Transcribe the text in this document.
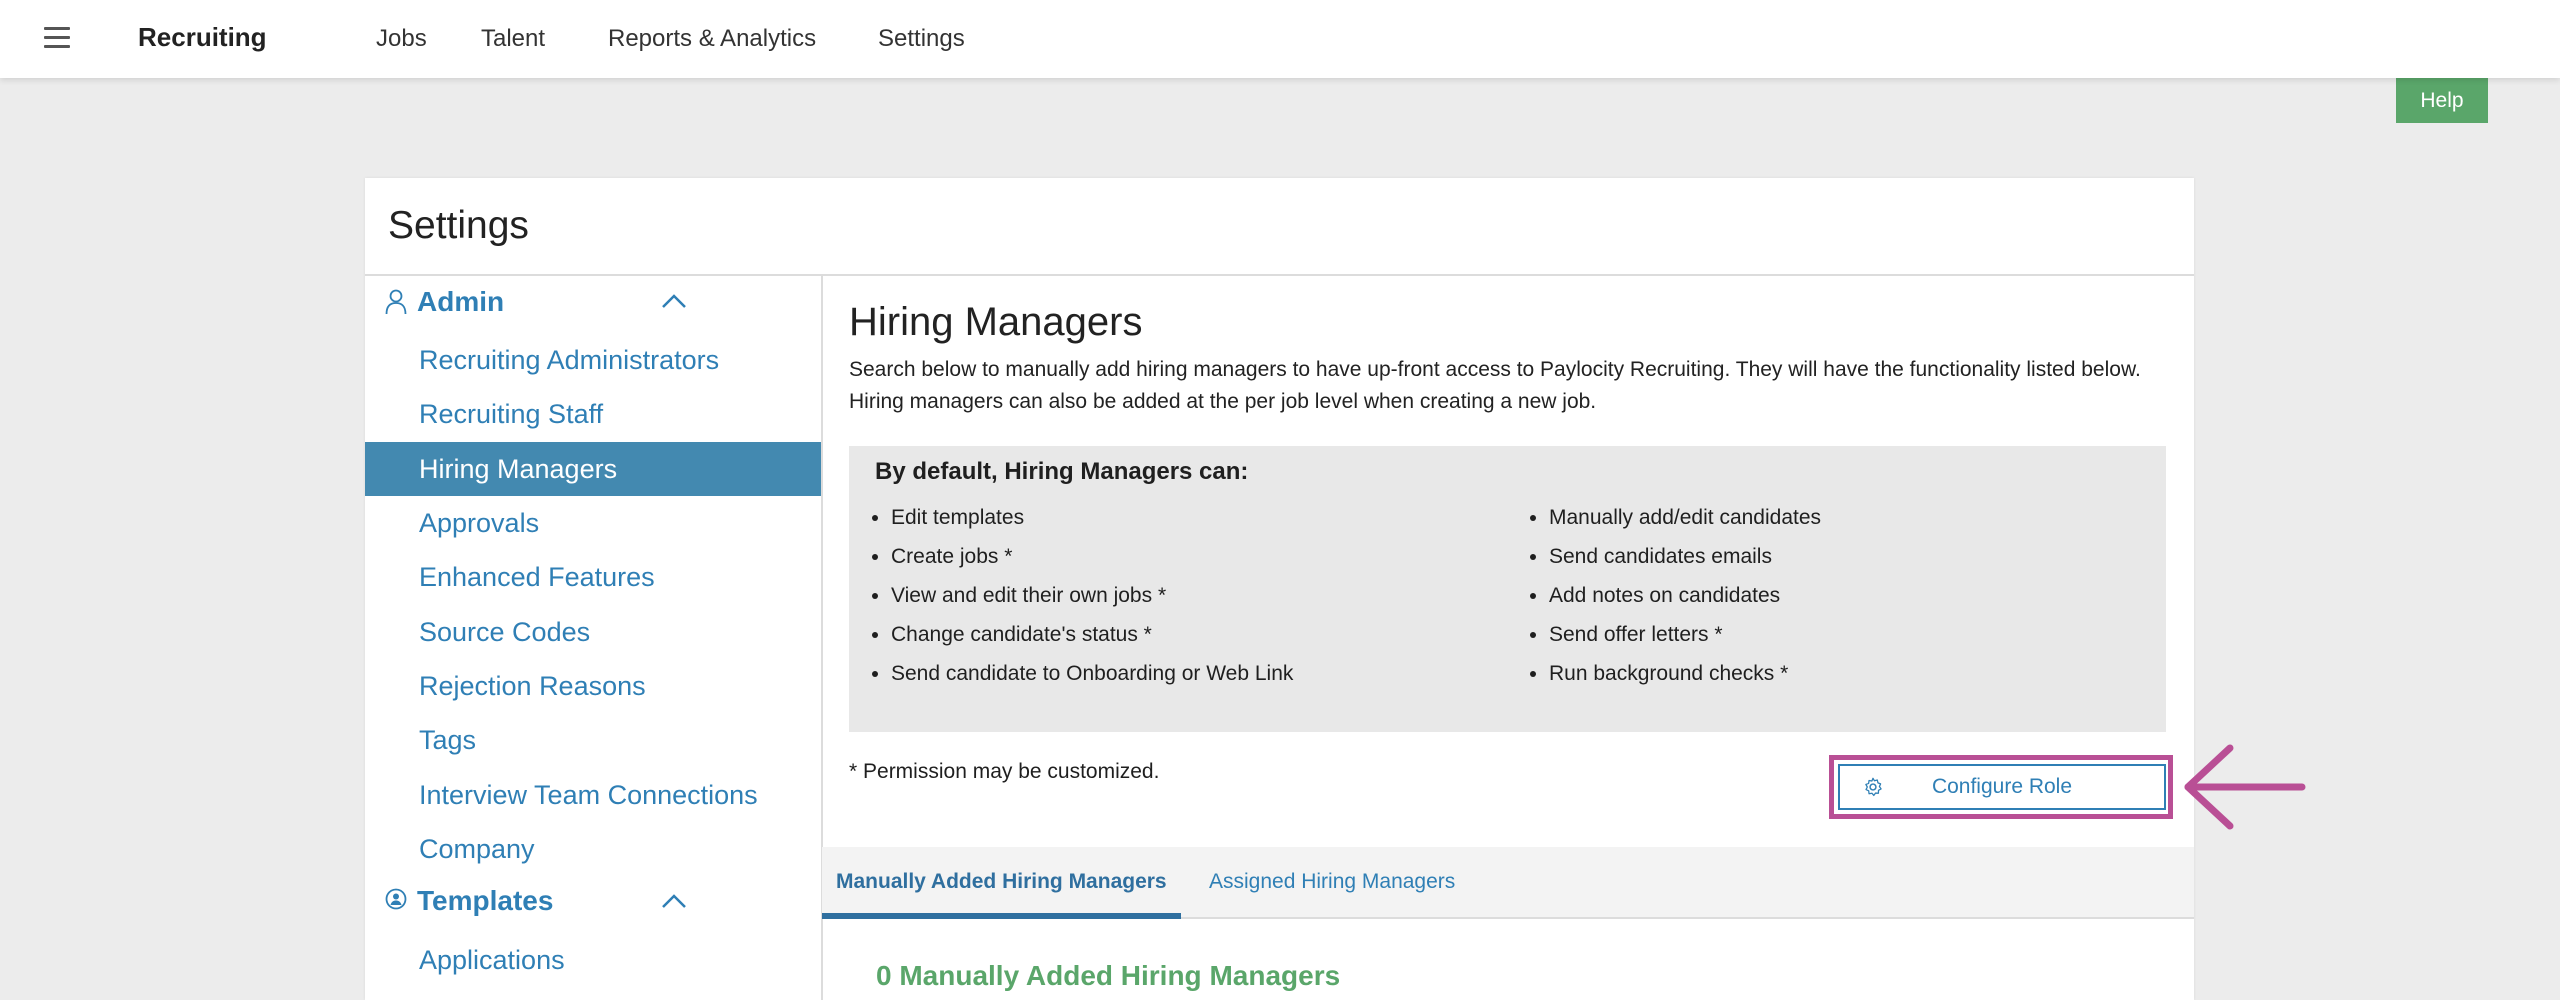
Recruiting	Jobs Talent	Reports & Analytics	Settings
Help
Settings
Admin
Recruiting Administrators
Recruiting Staff
Hiring Managers
Approvals
Enhanced Features
Source Codes
Rejection Reasons
Tags
Interview Team Connections
Company
Templates
Applications
Hiring Managers
Search below to manually add hiring managers to have up-front access to Paylocity Recruiting. They will have the functionality listed below.
Hiring managers can also be added at the per job level when creating a new job.
By default, Hiring Managers can:
• Edit templates
• Create jobs *
• View and edit their own jobs *
• Change candidate's status *
• Send candidate to Onboarding or Web Link
• Manually add/edit candidates
• Send candidates emails
• Add notes on candidates
• Send offer letters *
• Run background checks *
* Permission may be customized.
Configure Role
Manually Added Hiring Managers Assigned Hiring Managers
0 Manually Added Hiring Managers
